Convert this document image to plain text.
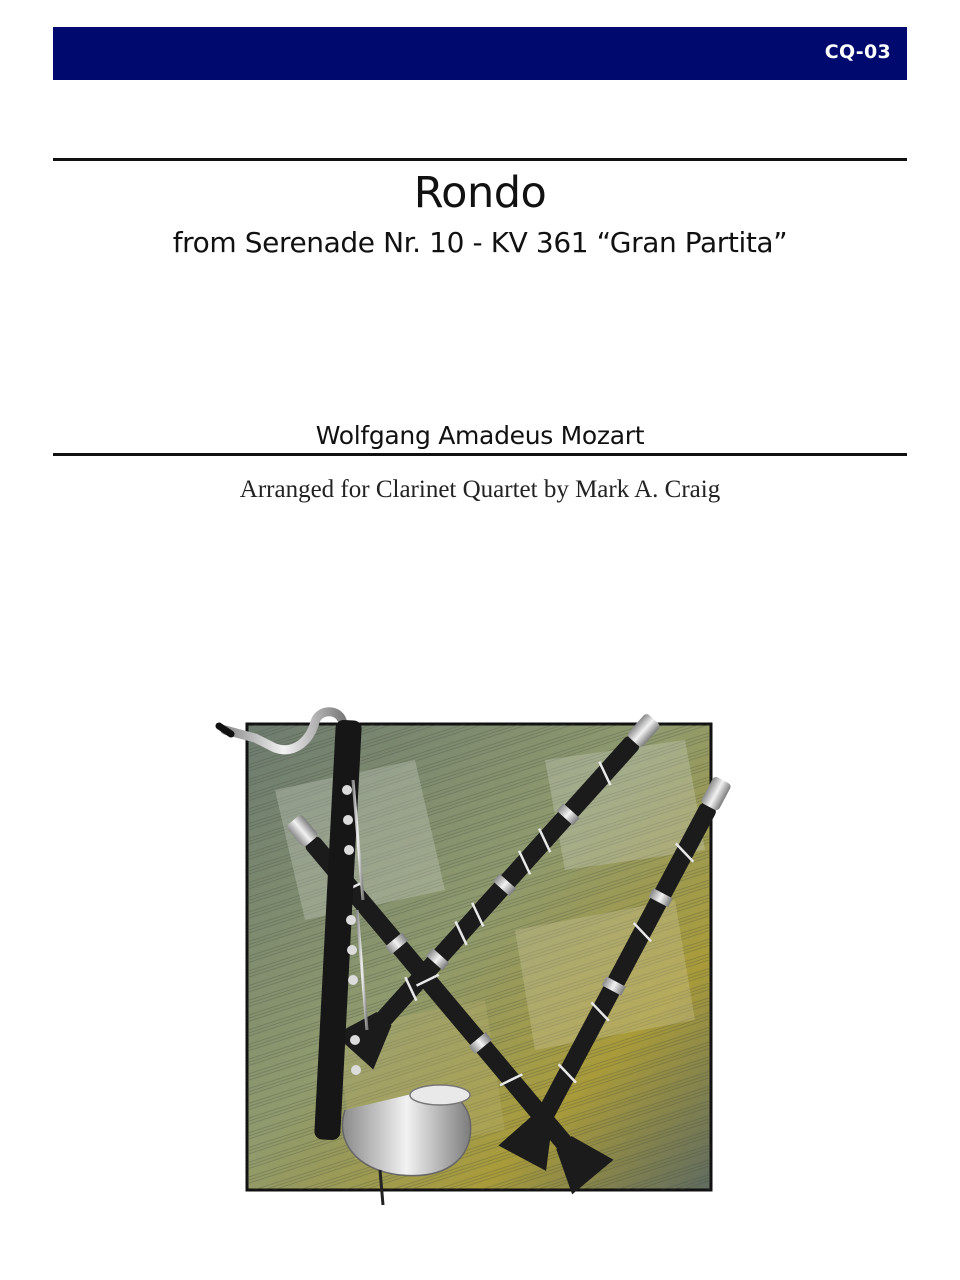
CQ-03
Rondo
from Serenade Nr. 10 - KV 361 “Gran Partita”
Wolfgang Amadeus Mozart
Arranged for Clarinet Quartet by Mark A. Craig
